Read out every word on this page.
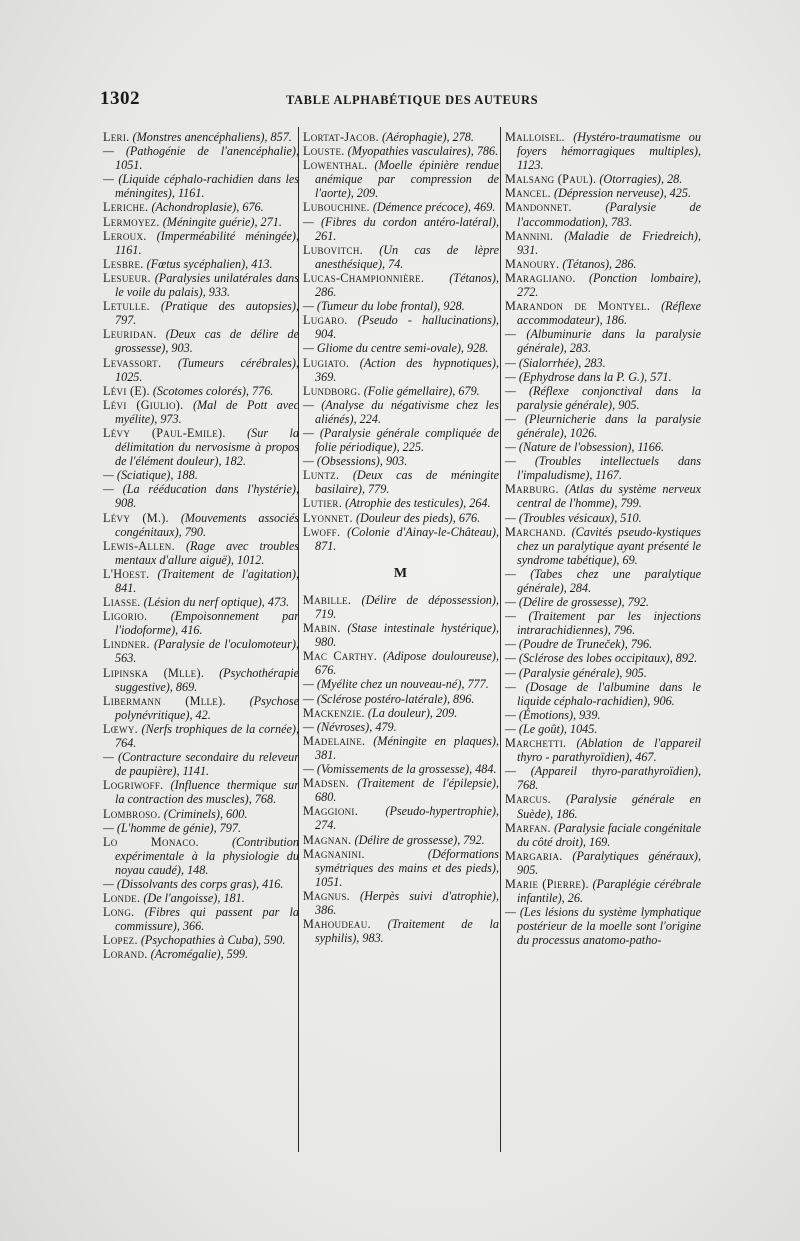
1302	TABLE ALPHABÉTIQUE DES AUTEURS

Leri. (Monstres anencéphaliens), 857.

— (Pathogénie de l'anencéphalie), 1051.

— (Liquide céphalo-rachidien dans les méningites), 1161.

Leriche. (Achondroplasie), 676.

Lermoyez. (Méningite guérie), 271.

Leroux. (Imperméabilité méningée), 1161.

Lesbre. (Fœtus sycéphalien), 413.

Lesueur. (Paralysies unilatérales dans le voile du palais), 933.

Letulle. (Pratique des autopsies), 797.

Leuridan. (Deux cas de délire de grossesse), 903.

Levassort. (Tumeurs cérébrales), 1025.

Lévi (E). (Scotomes colorés), 776.

Lévi (Giulio). (Mal de Pott avec myélite), 973.

Lévy (Paul-Emile). (Sur la délimitation du nervosisme à propos de l'élément douleur), 182.

— (Sciatique), 188.

— (La rééducation dans l'hystérie), 908.

Lévy (M.). (Mouvements associés congénitaux), 790.

Lewis-Allen. (Rage avec troubles mentaux d'allure aiguë), 1012.

L'Hoest. (Traitement de l'agitation), 841.

Liasse. (Lésion du nerf optique), 473.

Ligorio. (Empoisonnement par l'iodoforme), 416.

Lindner. (Paralysie de l'oculomoteur), 563.

Lipinska (Mlle). (Psychothérapie suggestive), 869.

Libermann (Mlle). (Psychose polynévritique), 42.

Lœwy. (Nerfs trophiques de la cornée), 764.

— (Contracture secondaire du releveur de paupière), 1141.

Logriwoff. (Influence thermique sur la contraction des muscles), 768.

Lombroso. (Criminels), 600.

— (L'homme de génie), 797.

Lo Monaco.	(Contribution expérimentale à la physiologie du noyau caudé), 148.

— (Dissolvants des corps gras), 416.

Londe. (De l'angoisse), 181.

Long. (Fibres qui passent par la commissure), 366.

Lopez. (Psychopathies à Cuba), 590.

Lorand. (Acromégalie), 599.

Lortat-Jacob. (Aérophagie), 278.

Louste. (Myopathies vasculaires), 786.

Lowenthal. (Moelle épinière rendue anémique par compression de l'aorte), 209.

Lubouchine. (Démence précoce), 469.

— (Fibres du cordon antéro-latéral), 261.

Lubovitch. (Un cas de lèpre anesthésique), 74.

Lucas-Championnière. (Tétanos), 286.

— (Tumeur du lobe frontal), 928.

Lugaro. (Pseudo - hallucinations), 904.

— Gliome du centre semi-ovale), 928.

Lugiato. (Action des hypnotiques), 369.

Lundborg. (Folie gémellaire), 679.

— (Analyse du négativisme chez les aliénés), 224.

— (Paralysie générale compliquée de folie périodique), 225.

— (Obsessions), 903.

Luntz. (Deux cas de méningite basilaire), 779.

Lutier. (Atrophie des testicules), 264.

Lyonnet. (Douleur des pieds), 676.

Lwoff. (Colonie d'Ainay-le-Château), 871.

M

Mabille. (Délire de dépossession), 719.

Mabin. (Stase intestinale hystérique), 980.

Mac Carthy. (Adipose douloureuse), 676.

— (Myélite chez un nouveau-né), 777.

— (Sclérose postéro-latérale), 896.

Mackenzie. (La douleur), 209.

— (Névroses), 479.

Madelaine. (Méningite en plaques), 381.

— (Vomissements de la grossesse), 484.

Madsen. (Traitement de l'épilepsie), 680.

Maggioni. (Pseudo-hypertrophie), 274.

Magnan. (Délire de grossesse), 792.

Magnanini.	(Déformations symétriques des mains et des pieds), 1051.

Magnus. (Herpès suivi d'atrophie), 386.

Mahoudeau. (Traitement de la syphilis), 983.

Malloisel. (Hystéro-traumatisme ou foyers hémorragiques multiples), 1123.

Malsang (Paul). (Otorragies), 28.

Mancel. (Dépression nerveuse), 425.

Mandonnet.	(Paralysie de l'accommodation), 783.

Mannini. (Maladie de Friedreich), 931.

Manoury. (Tétanos), 286.

Maragliano. (Ponction lombaire), 272.

Marandon de Montyel. (Réflexe accommodateur), 186.

— (Albuminurie dans la paralysie générale), 283.

— (Sialorrhée), 283.

— (Ephydrose dans la P. G.), 571.

— (Réflexe conjonctival dans la paralysie générale), 905.

— (Pleurnicherie dans la paralysie générale), 1026.

— (Nature de l'obsession), 1166.

— (Troubles intellectuels dans l'impaludisme), 1167.

Marburg. (Atlas du système nerveux central de l'homme), 799.

— (Troubles vésicaux), 510.

Marchand. (Cavités pseudo-kystiques chez un paralytique ayant présenté le syndrome tabétique), 69.

— (Tabes chez une paralytique générale), 284.

— (Délire de grossesse), 792.

— (Traitement par les injections intrarachidiennes), 796.

— (Poudre de Truneček), 796.

— (Sclérose des lobes occipitaux), 892.

— (Paralysie générale), 905.

— (Dosage de l'albumine dans le liquide céphalo-rachidien), 906.

— (Émotions), 939.

— (Le goût), 1045.

Marchetti. (Ablation de l'appareil thyro - parathyroïdien), 467.

— (Appareil thyro-parathyroïdien), 768.

Marcus. (Paralysie générale en Suède), 186.

Marfan. (Paralysie faciale congénitale du côté droit), 169.

Margaria. (Paralytiques généraux), 905.

Marie (Pierre). (Paraplégie cérébrale infantile), 26.

— (Les lésions du système lymphatique postérieur de la moelle sont l'origine du processus anatomo-patho-
